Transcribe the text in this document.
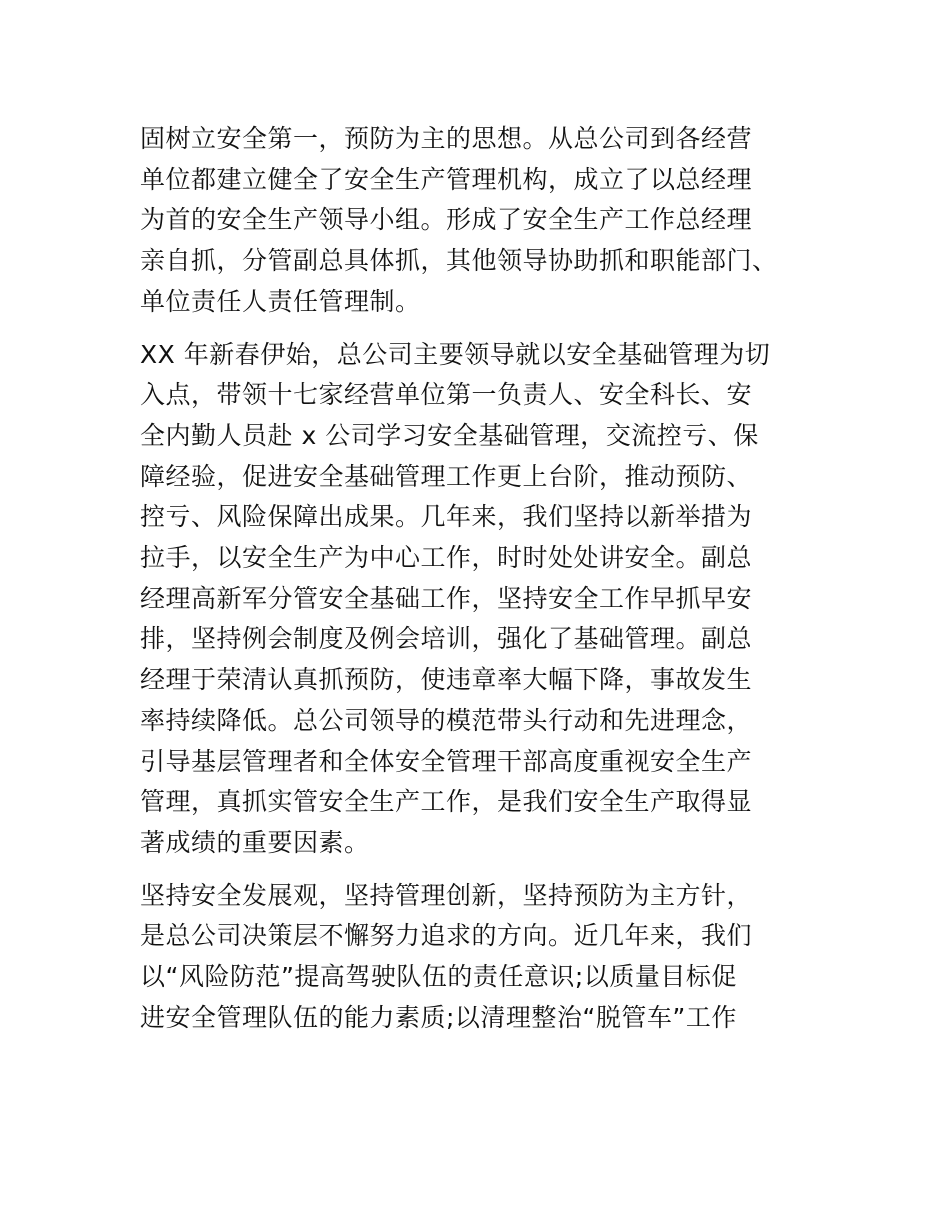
固树立安全第一，预防为主的思想。从总公司到各经营
单位都建立健全了安全生产管理机构，成立了以总经理
为首的安全生产领导小组。形成了安全生产工作总经理
亲自抓，分管副总具体抓，其他领导协助抓和职能部门、
单位责任人责任管理制。

XX 年新春伊始，总公司主要领导就以安全基础管理为切
入点，带领十七家经营单位第一负责人、安全科长、安
全内勤人员赴 x 公司学习安全基础管理，交流控亏、保
障经验，促进安全基础管理工作更上台阶，推动预防、
控亏、风险保障出成果。几年来，我们坚持以新举措为
拉手，以安全生产为中心工作，时时处处讲安全。副总
经理高新军分管安全基础工作，坚持安全工作早抓早安
排，坚持例会制度及例会培训，强化了基础管理。副总
经理于荣清认真抓预防，使违章率大幅下降，事故发生
率持续降低。总公司领导的模范带头行动和先进理念，
引导基层管理者和全体安全管理干部高度重视安全生产
管理，真抓实管安全生产工作，是我们安全生产取得显
著成绩的重要因素。

坚持安全发展观，坚持管理创新，坚持预防为主方针，
是总公司决策层不懈努力追求的方向。近几年来，我们
以“风险防范”提高驾驶队伍的责任意识;以质量目标促
进安全管理队伍的能力素质;以清理整治“脱管车”工作
